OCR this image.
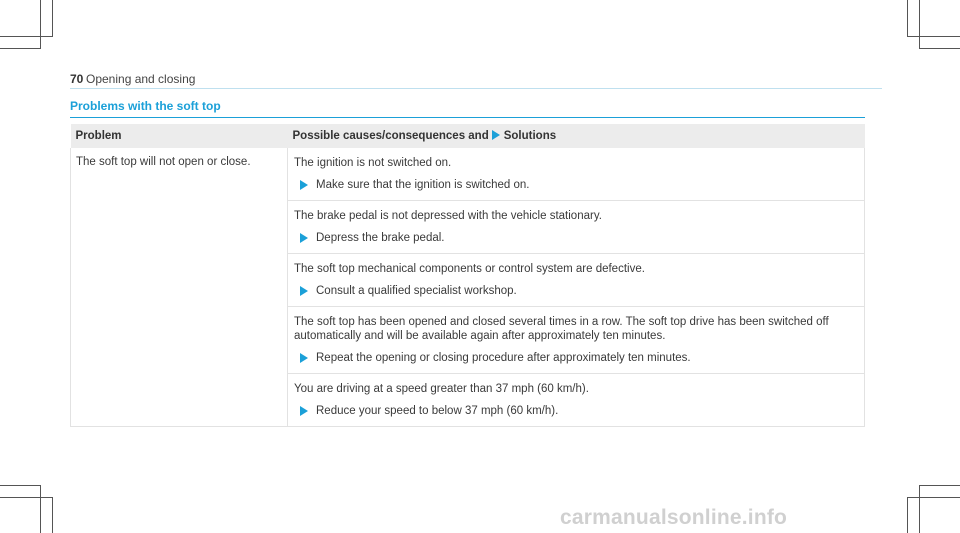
70 Opening and closing
Problems with the soft top
Problem	Possible causes/consequences and Solutions
The soft top will not open or close.	The ignition is not switched on.
Make sure that the ignition is switched on.

	The brake pedal is not depressed with the vehicle stationary.
Depress the brake pedal.

	The soft top mechanical components or control system are defective.
Consult a qualified specialist workshop.

	The soft top has been opened and closed several times in a row. The soft top drive has been switched off automatically and will be available again after approximately ten minutes.
Repeat the opening or closing procedure after approximately ten minutes.

	You are driving at a speed greater than 37 mph (60 km/h).
Reduce your speed to below 37 mph (60 km/h).
carmanualsonline.info
